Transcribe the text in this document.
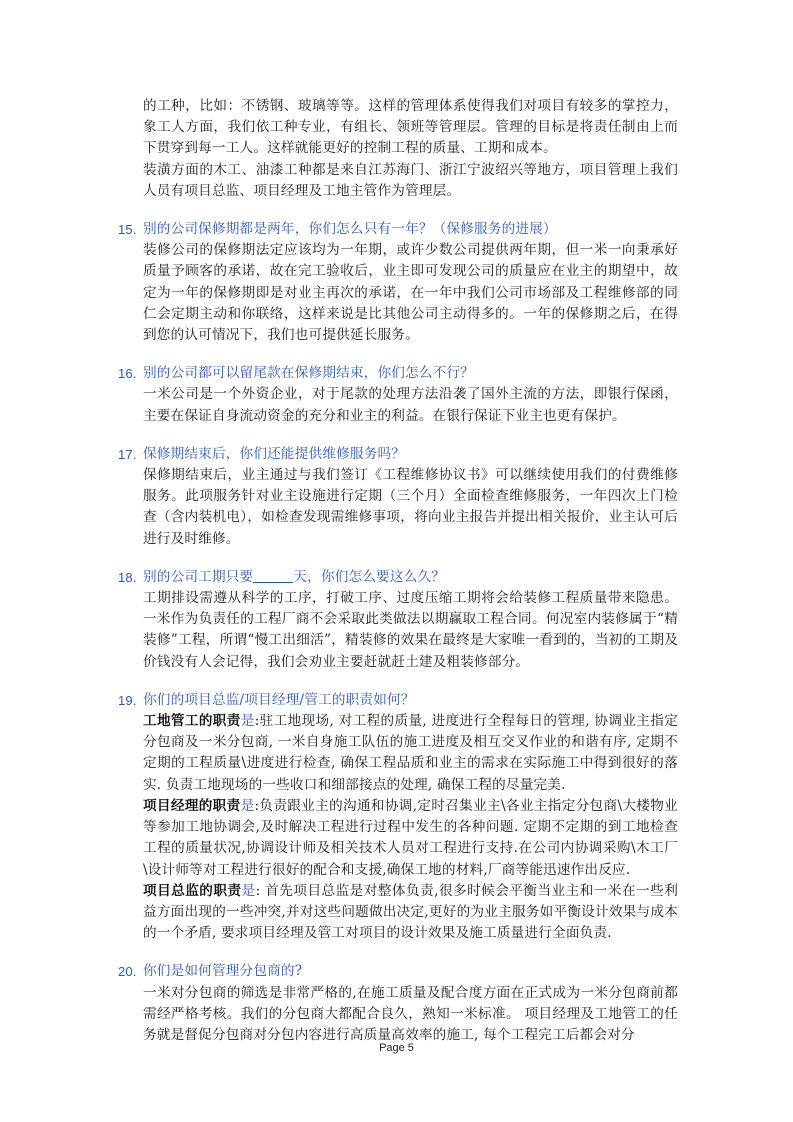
的工种，比如：不锈钢、玻璃等等。这样的管理体系使得我们对项目有较多的掌控力，象工人方面，我们依工种专业，有组长、领班等管理层。管理的目标是将责任制由上而下贯穿到每一工人。这样就能更好的控制工程的质量、工期和成本。

装潢方面的木工、油漆工种都是来自江苏海门、浙江宁波绍兴等地方，项目管理上我们人员有项目总监、项目经理及工地主管作为管理层。

15. 别的公司保修期都是两年，你们怎么只有一年？（保修服务的进展）

装修公司的保修期法定应该均为一年期，或许少数公司提供两年期，但一米一向秉承好质量予顾客的承诺，故在完工验收后，业主即可发现公司的质量应在业主的期望中，故定为一年的保修期即是对业主再次的承诺，在一年中我们公司市场部及工程维修部的同仁会定期主动和你联络，这样来说是比其他公司主动得多的。一年的保修期之后，在得到您的认可情况下，我们也可提供延长服务。

16. 别的公司都可以留尾款在保修期结束，你们怎么不行？

一米公司是一个外资企业，对于尾款的处理方法沿袭了国外主流的方法，即银行保函，主要在保证自身流动资金的充分和业主的利益。在银行保证下业主也更有保护。

17. 保修期结束后，你们还能提供维修服务吗？

保修期结束后，业主通过与我们签订《工程维修协议书》可以继续使用我们的付费维修服务。此项服务针对业主设施进行定期（三个月）全面检查维修服务，一年四次上门检查（含内装机电），如检查发现需维修事项，将向业主报告并提出相关报价，业主认可后进行及时维修。

18. 别的公司工期只要	天，你们怎么要这么久？

工期排设需遵从科学的工序，打破工序、过度压缩工期将会给装修工程质量带来隐患。一米作为负责任的工程厂商不会采取此类做法以期赢取工程合同。何况室内装修属于“精装修”工程，所谓“慢工出细活”，精装修的效果在最终是大家唯一看到的，当初的工期及价钱没有人会记得，我们会劝业主要赶就赶土建及粗装修部分。

19. 你们的项目总监/项目经理/管工的职责如何？

工地管工的职责是:驻工地现场, 对工程的质量, 进度进行全程每日的管理, 协调业主指定分包商及一米分包商, 一米自身施工队伍的施工进度及相互交叉作业的和谐有序, 定期不定期的工程质量\进度进行检查, 确保工程品质和业主的需求在实际施工中得到很好的落实. 负责工地现场的一些收口和细部接点的处理, 确保工程的尽量完美.

项目经理的职责是:负责跟业主的沟通和协调,定时召集业主\各业主指定分包商\大楼物业等参加工地协调会,及时解决工程进行过程中发生的各种问题. 定期不定期的到工地检查工程的质量状况,协调设计师及相关技术人员对工程进行支持.在公司内协调采购\木工厂\设计师等对工程进行很好的配合和支援,确保工地的材料,厂商等能迅速作出反应.

项目总监的职责是: 首先项目总监是对整体负责,很多时候会平衡当业主和一米在一些利益方面出现的一些冲突,并对这些问题做出决定,更好的为业主服务如平衡设计效果与成本的一个矛盾, 要求项目经理及管工对项目的设计效果及施工质量进行全面负责.

20. 你们是如何管理分包商的?

一米对分包商的筛选是非常严格的,在施工质量及配合度方面在正式成为一米分包商前都需经严格考核。我们的分包商大都配合良久，熟知一米标准。 项目经理及工地管工的任务就是督促分包商对分包内容进行高质量高效率的施工, 每个工程完工后都会对分

Page 5
